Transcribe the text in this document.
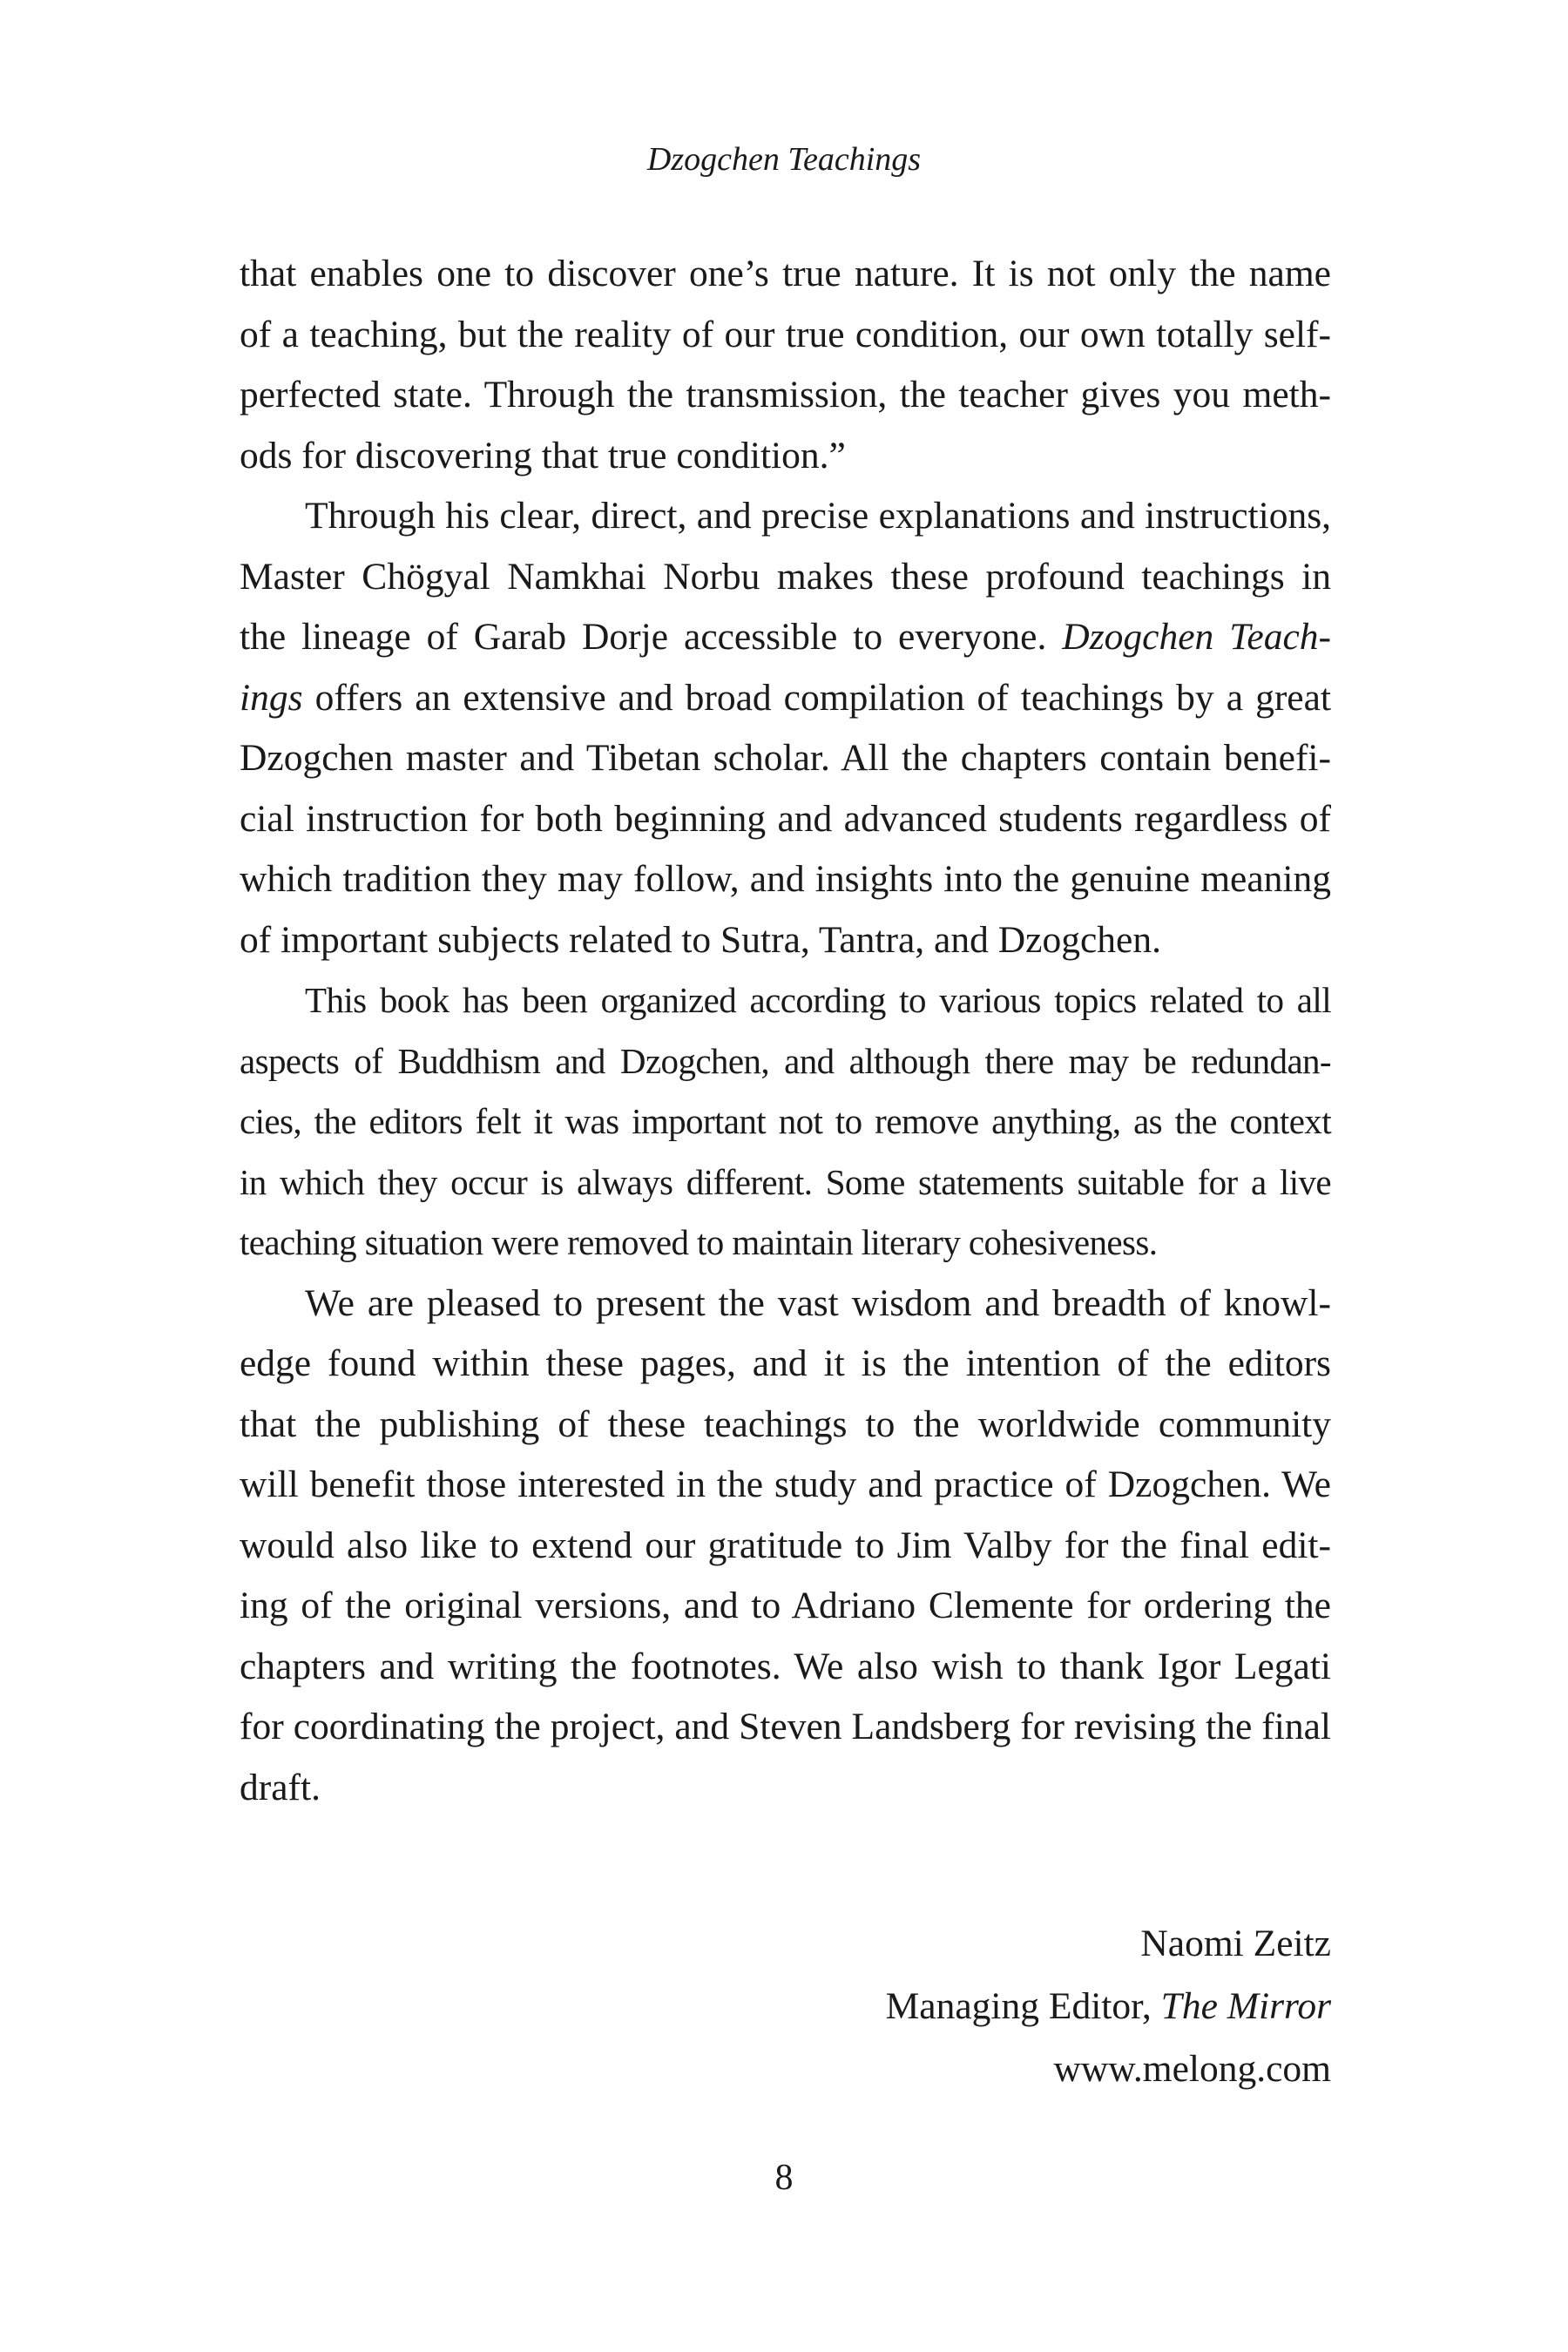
Dzogchen Teachings

that enables one to discover one’s true nature. It is not only the name
of a teaching, but the reality of our true condition, our own totally self-
perfected state. Through the transmission, the teacher gives you meth-
ods for discovering that true condition.”

Through his clear, direct, and precise explanations and instructions,
Master Chögyal Namkhai Norbu makes these profound teachings in
the lineage of Garab Dorje accessible to everyone. Dzogchen Teach-
ings offers an extensive and broad compilation of teachings by a great
Dzogchen master and Tibetan scholar. All the chapters contain benefi-
cial instruction for both beginning and advanced students regardless of
which tradition they may follow, and insights into the genuine meaning
of important subjects related to Sutra, Tantra, and Dzogchen.

This book has been organized according to various topics related to all
aspects of Buddhism and Dzogchen, and although there may be redundan-
cies, the editors felt it was important not to remove anything, as the context
in which they occur is always different. Some statements suitable for a live
teaching situation were removed to maintain literary cohesiveness.

We are pleased to present the vast wisdom and breadth of knowl-
edge found within these pages, and it is the intention of the editors
that the publishing of these teachings to the worldwide community
will benefit those interested in the study and practice of Dzogchen. We
would also like to extend our gratitude to Jim Valby for the final edit-
ing of the original versions, and to Adriano Clemente for ordering the
chapters and writing the footnotes. We also wish to thank Igor Legati
for coordinating the project, and Steven Landsberg for revising the final
draft.

Naomi Zeitz
Managing Editor, The Mirror
www.melong.com
8
